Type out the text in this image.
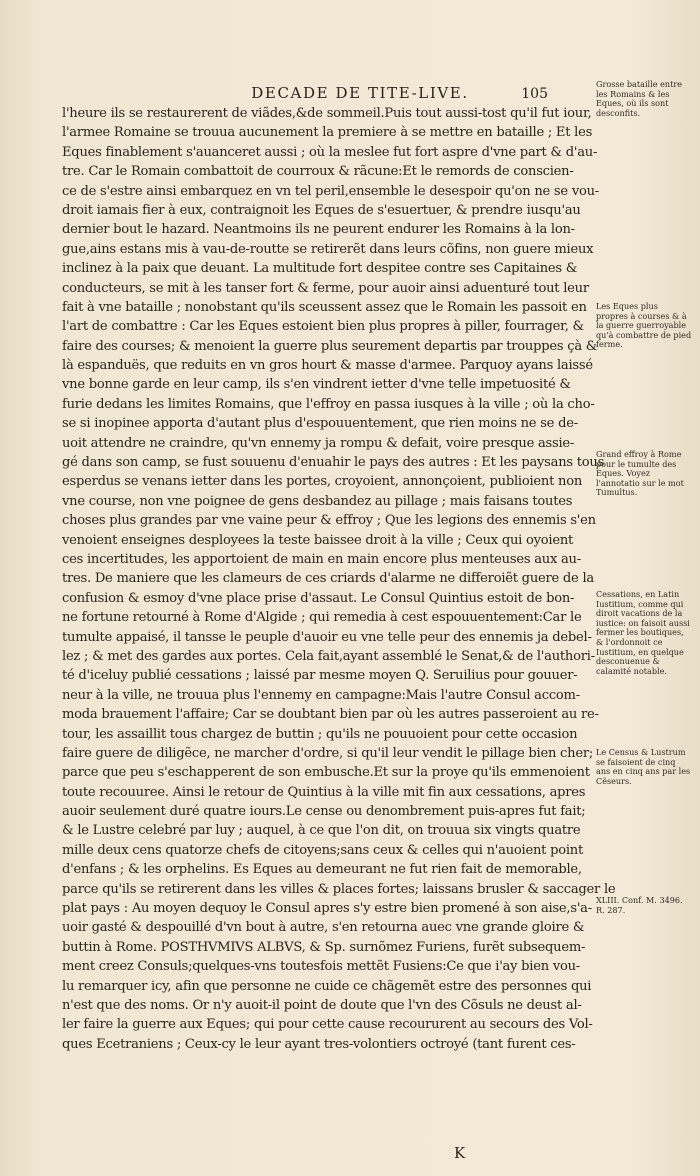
DECADE DE TITE-LIVE.	105
l'heure ils se restaurerent de viãdes,&de sommeil.Puis tout aussi-tost qu'il fut iour,
l'armee Romaine se trouua aucunement la premiere à se mettre en bataille ; Et les
Eques finablement s'auanceret aussi ; où la meslee fut fort aspre d'vne part & d'au-
tre. Car le Romain combattoit de courroux & rãcune:Et le remords de conscien-
ce de s'estre ainsi embarquez en vn tel peril,ensemble le desespoir qu'on ne se vou-
droit iamais fier à eux, contraignoit les Eques de s'esuertuer, & prendre iusqu'au
dernier bout le hazard. Neantmoins ils ne peurent endurer les Romains à la lon-
gue,ains estans mis à vau-de-routte se retirerẽt dans leurs cõfins, non guere mieux
inclinez à la paix que deuant. La multitude fort despitee contre ses Capitaines &
conducteurs, se mit à les tanser fort & ferme, pour auoir ainsi aduenturé tout leur
fait à vne bataille ; nonobstant qu'ils sceussent assez que le Romain les passoit en
l'art de combattre : Car les Eques estoient bien plus propres à piller, fourrager, &
faire des courses; & menoient la guerre plus seurement departis par trouppes çà &
là espanduës, que reduits en vn gros hourt & masse d'armee. Parquoy ayans laissé
vne bonne garde en leur camp, ils s'en vindrent ietter d'vne telle impetuosité &
furie dedans les limites Romains, que l'effroy en passa iusques à la ville ; où la cho-
se si inopinee apporta d'autant plus d'espouuentement, que rien moins ne se de-
uoit attendre ne craindre, qu'vn ennemy ja rompu & defait, voire presque assie-
gé dans son camp, se fust souuenu d'enuahir le pays des autres : Et les paysans tous
esperdus se venans ietter dans les portes, croyoient, annonçoient, publioient non
vne course, non vne poignee de gens desbandez au pillage ; mais faisans toutes
choses plus grandes par vne vaine peur & effroy ; Que les legions des ennemis s'en
venoient enseignes desployees la teste baissee droit à la ville ; Ceux qui oyoient
ces incertitudes, les apportoient de main en main encore plus menteuses aux au-
tres. De maniere que les clameurs de ces criards d'alarme ne differoiẽt guere de la
confusion & esmoy d'vne place prise d'assaut. Le Consul Quintius estoit de bon-
ne fortune retourné à Rome d'Algide ; qui remedia à cest espouuentement:Car le
tumulte appaisé, il tansse le peuple d'auoir eu vne telle peur des ennemis ja debel-
lez ; & met des gardes aux portes. Cela fait,ayant assemblé le Senat,& de l'authori-
té d'iceluy publié cessations ; laissé par mesme moyen Q. Seruilius pour gouuer-
neur à la ville, ne trouua plus l'ennemy en campagne:Mais l'autre Consul accom-
moda brauement l'affaire; Car se doubtant bien par où les autres passeroient au re-
tour, les assaillit tous chargez de buttin ; qu'ils ne pouuoient pour cette occasion
faire guere de diligẽce, ne marcher d'ordre, si qu'il leur vendit le pillage bien cher;
parce que peu s'eschapperent de son embusche.Et sur la proye qu'ils emmenoient
toute recouuree. Ainsi le retour de Quintius à la ville mit fin aux cessations, apres
auoir seulement duré quatre iours.Le cense ou denombrement puis-apres fut fait;
& le Lustre celebré par luy ; auquel, à ce que l'on dit, on trouua six vingts quatre
mille deux cens quatorze chefs de citoyens;sans ceux & celles qui n'auoient point
d'enfans ; & les orphelins. Es Eques au demeurant ne fut rien fait de memorable,
parce qu'ils se retirerent dans les villes & places fortes; laissans brusler & saccager le
plat pays : Au moyen dequoy le Consul apres s'y estre bien promené à son aise,s'a-
uoir gasté & despouillé d'vn bout à autre, s'en retourna auec vne grande gloire &
buttin à Rome. POSTHVMIVS ALBVS, & Sp. surnõmez Furiens, furẽt subsequem-
ment creez Consuls;quelques-vns toutesfois mettẽt Fusiens:Ce que i'ay bien vou-
lu remarquer icy, afin que personne ne cuide ce chãgemẽt estre des personnes qui
n'est que des noms. Or n'y auoit-il point de doute que l'vn des Cõsuls ne deust al-
ler faire la guerre aux Eques; qui pour cette cause recoururent au secours des Vol-
ques Ecetraniens ; Ceux-cy le leur ayant tres-volontiers octroyé (tant furent ces-
Grosse bataille entre les Romains & les Eques, où ils sont desconfits.
Les Eques plus propres à courses & à la guerre guerroyable qu'à combattre de pied ferme.
Grand effroy à Rome pour le tumulte des Eques. Voyez l'annotatio sur le mot Tumultus.
Cessations, en Latin Iustitium, comme qui diroit vacations de la iustice: on faisoit aussi fermer les boutiques, & l'ordonnoit ce Iustitium, en quelque desconuenue & calamité notable.
Le Census & Lustrum se faisoient de cinq ans en cinq ans par les Cẽseurs.
XLIII. Conf. M. 3496. R. 287.
K
